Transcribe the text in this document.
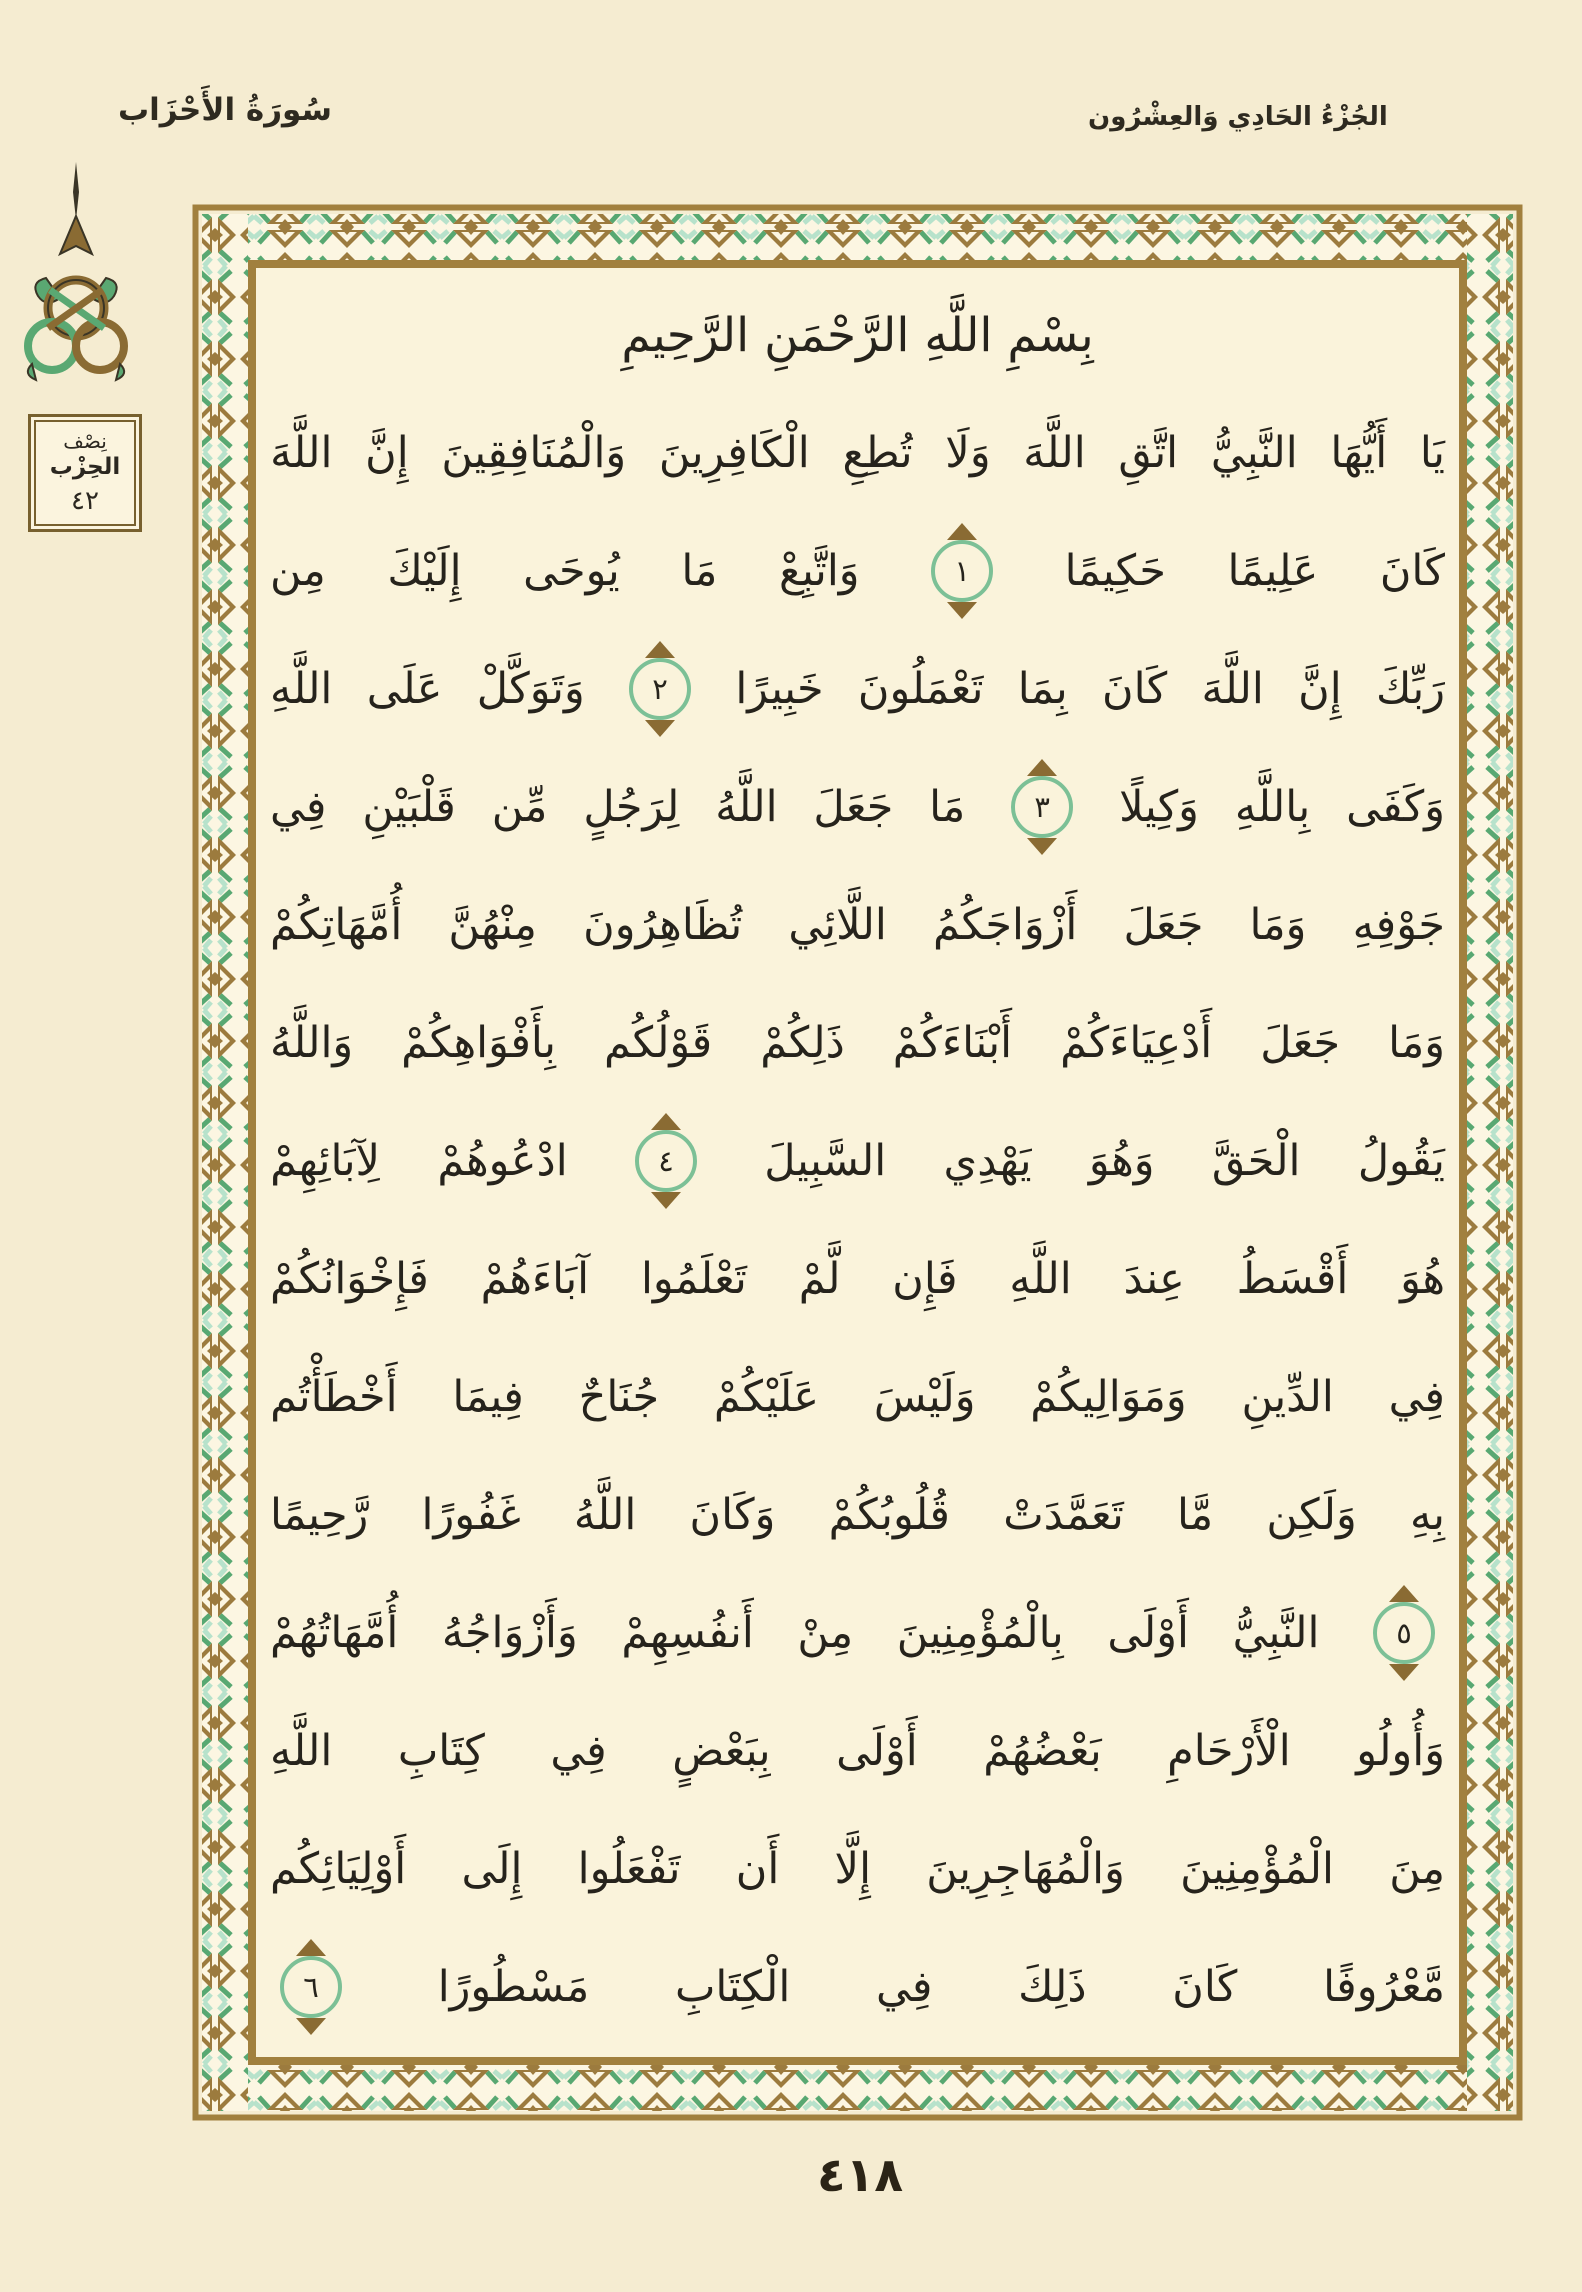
سُورَةُ الأَحْزَاب	الجُزْءُ الحَادِي وَالعِشْرُون
نِصْف
الحِزْب
٤٢
بِسْمِ اللَّهِ الرَّحْمَنِ الرَّحِيمِ
يَا
أَيُّهَا
النَّبِيُّ
اتَّقِ
اللَّهَ
وَلَا
تُطِعِ
الْكَافِرِينَ
وَالْمُنَافِقِينَ
إِنَّ
اللَّهَ
كَانَ
عَلِيمًا
حَكِيمًا
١
وَاتَّبِعْ
مَا
يُوحَى
إِلَيْكَ
مِن
رَبِّكَ
إِنَّ
اللَّهَ
كَانَ
بِمَا
تَعْمَلُونَ
خَبِيرًا
٢
وَتَوَكَّلْ
عَلَى
اللَّهِ
وَكَفَى
بِاللَّهِ
وَكِيلًا
٣
مَا
جَعَلَ
اللَّهُ
لِرَجُلٍ
مِّن
قَلْبَيْنِ
فِي
جَوْفِهِ
وَمَا
جَعَلَ
أَزْوَاجَكُمُ
اللَّائِي
تُظَاهِرُونَ
مِنْهُنَّ
أُمَّهَاتِكُمْ
وَمَا
جَعَلَ
أَدْعِيَاءَكُمْ
أَبْنَاءَكُمْ
ذَلِكُمْ
قَوْلُكُم
بِأَفْوَاهِكُمْ
وَاللَّهُ
يَقُولُ
الْحَقَّ
وَهُوَ
يَهْدِي
السَّبِيلَ
٤
ادْعُوهُمْ
لِآبَائِهِمْ
هُوَ
أَقْسَطُ
عِندَ
اللَّهِ
فَإِن
لَّمْ
تَعْلَمُوا
آبَاءَهُمْ
فَإِخْوَانُكُمْ
فِي
الدِّينِ
وَمَوَالِيكُمْ
وَلَيْسَ
عَلَيْكُمْ
جُنَاحٌ
فِيمَا
أَخْطَأْتُم
بِهِ
وَلَكِن
مَّا
تَعَمَّدَتْ
قُلُوبُكُمْ
وَكَانَ
اللَّهُ
غَفُورًا
رَّحِيمًا
٥
النَّبِيُّ
أَوْلَى
بِالْمُؤْمِنِينَ
مِنْ
أَنفُسِهِمْ
وَأَزْوَاجُهُ
أُمَّهَاتُهُمْ
وَأُولُو
الْأَرْحَامِ
بَعْضُهُمْ
أَوْلَى
بِبَعْضٍ
فِي
كِتَابِ
اللَّهِ
مِنَ
الْمُؤْمِنِينَ
وَالْمُهَاجِرِينَ
إِلَّا
أَن
تَفْعَلُوا
إِلَى
أَوْلِيَائِكُم
مَّعْرُوفًا
كَانَ
ذَلِكَ
فِي
الْكِتَابِ
مَسْطُورًا
٦
٤١٨
